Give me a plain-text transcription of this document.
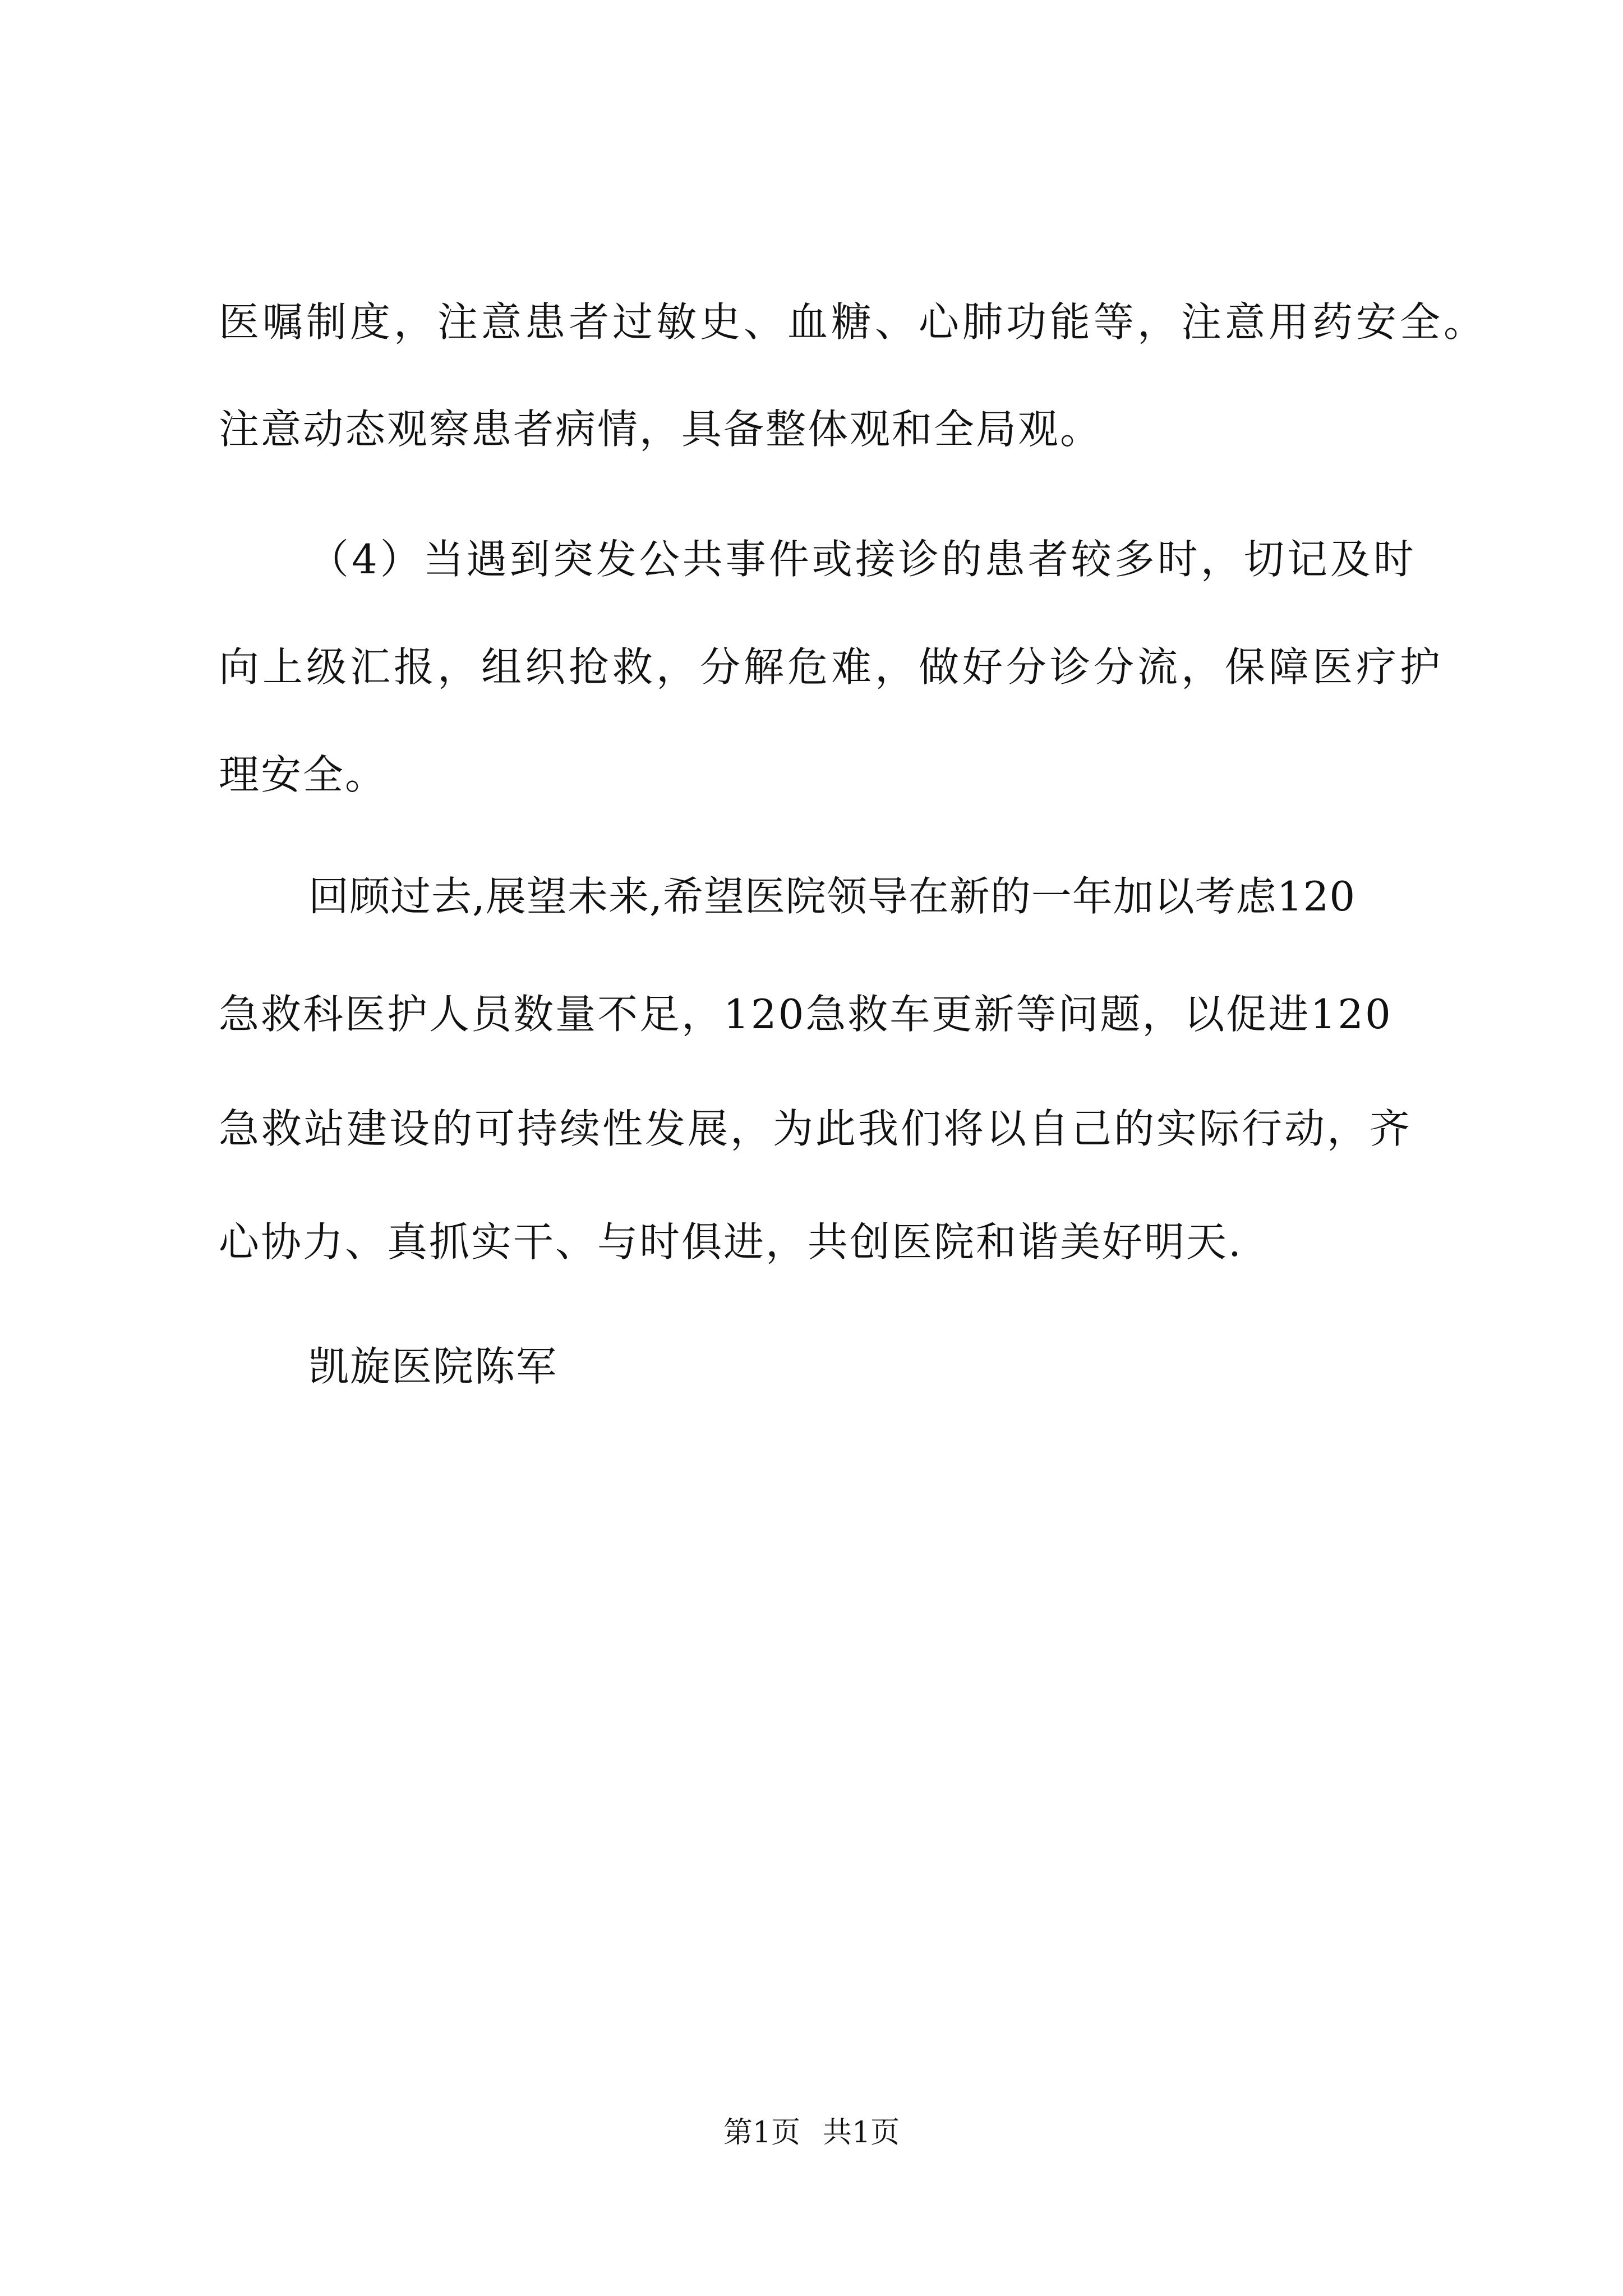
医嘱制度，注意患者过敏史、血糖、心肺功能等，注意用药安全。
注意动态观察患者病情，具备整体观和全局观。
（4）当遇到突发公共事件或接诊的患者较多时，切记及时
向上级汇报，组织抢救，分解危难，做好分诊分流，保障医疗护
理安全。
回顾过去,展望未来,希望医院领导在新的一年加以考虑120
急救科医护人员数量不足，120急救车更新等问题，以促进120
急救站建设的可持续性发展，为此我们将以自己的实际行动，齐
心协力、真抓实干、与时俱进，共创医院和谐美好明天.
凯旋医院陈军
第1页 共1页
